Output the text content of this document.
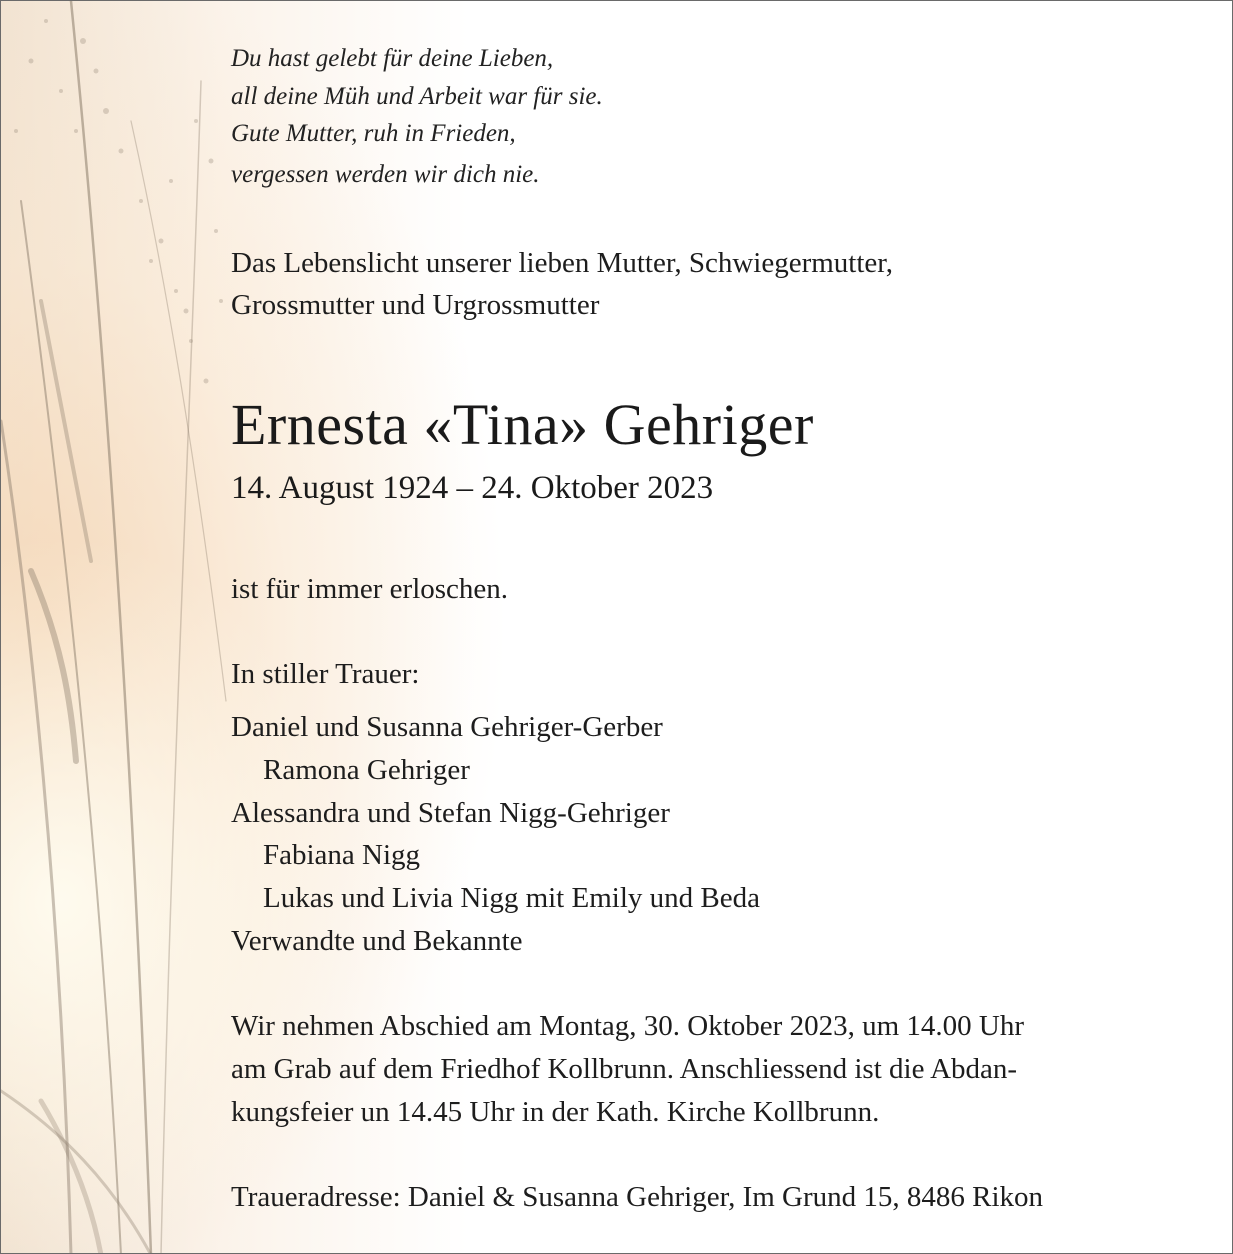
Du hast gelebt für deine Lieben,
all deine Müh und Arbeit war für sie.
Gute Mutter, ruh in Frieden,
vergessen werden wir dich nie.
Das Lebenslicht unserer lieben Mutter, Schwiegermutter,
Grossmutter und Urgrossmutter
Ernesta «Tina» Gehriger
14. August 1924 – 24. Oktober 2023
ist für immer erloschen.
In stiller Trauer:
Daniel und Susanna Gehriger-Gerber
Ramona Gehriger
Alessandra und Stefan Nigg-Gehriger
Fabiana Nigg
Lukas und Livia Nigg mit Emily und Beda
Verwandte und Bekannte
Wir nehmen Abschied am Montag, 30. Oktober 2023, um 14.00 Uhr
am Grab auf dem Friedhof Kollbrunn. Anschliessend ist die Abdan-
kungsfeier un 14.45 Uhr in der Kath. Kirche Kollbrunn.
Traueradresse: Daniel & Susanna Gehriger, Im Grund 15, 8486 Rikon
